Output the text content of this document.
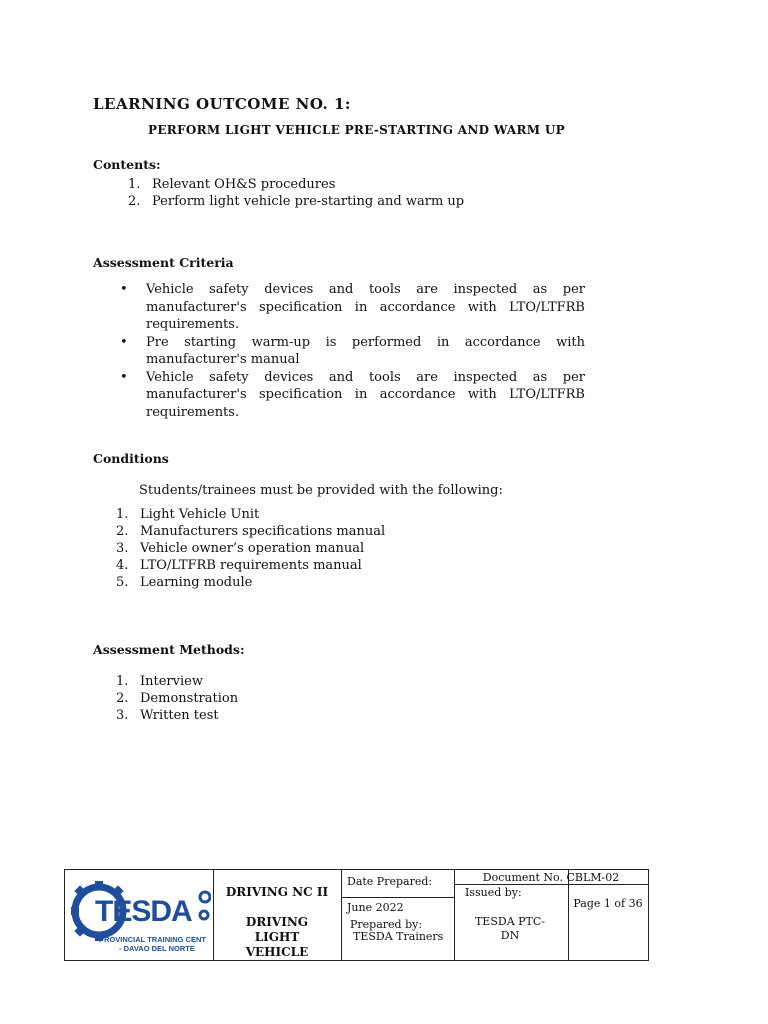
LEARNING OUTCOME NO. 1:
PERFORM LIGHT VEHICLE PRE-STARTING AND WARM UP
Contents:
1. Relevant OH&S procedures
2. Perform light vehicle pre-starting and warm up
Assessment Criteria
• Vehicle safety devices and tools are inspected as per manufacturer's specification in accordance with LTO/LTFRB requirements.
• Pre starting warm-up is performed in accordance with manufacturer's manual
• Vehicle safety devices and tools are inspected as per manufacturer's specification in accordance with LTO/LTFRB requirements.
Conditions
Students/trainees must be provided with the following:
1. Light Vehicle Unit
2. Manufacturers specifications manual
3. Vehicle owner’s operation manual
4. LTO/LTFRB requirements manual
5. Learning module
Assessment Methods:
1. Interview
2. Demonstration
3. Written test
TESDA
PROVINCIAL TRAINING CENT
- DAVAO DEL NORTE
DRIVING NC II
DRIVING LIGHT VEHICLE
Date Prepared:
June 2022
Prepared by:
TESDA Trainers
Document No. CBLM-02
Issued by:
TESDA PTC-DN
Page 1 of 36
